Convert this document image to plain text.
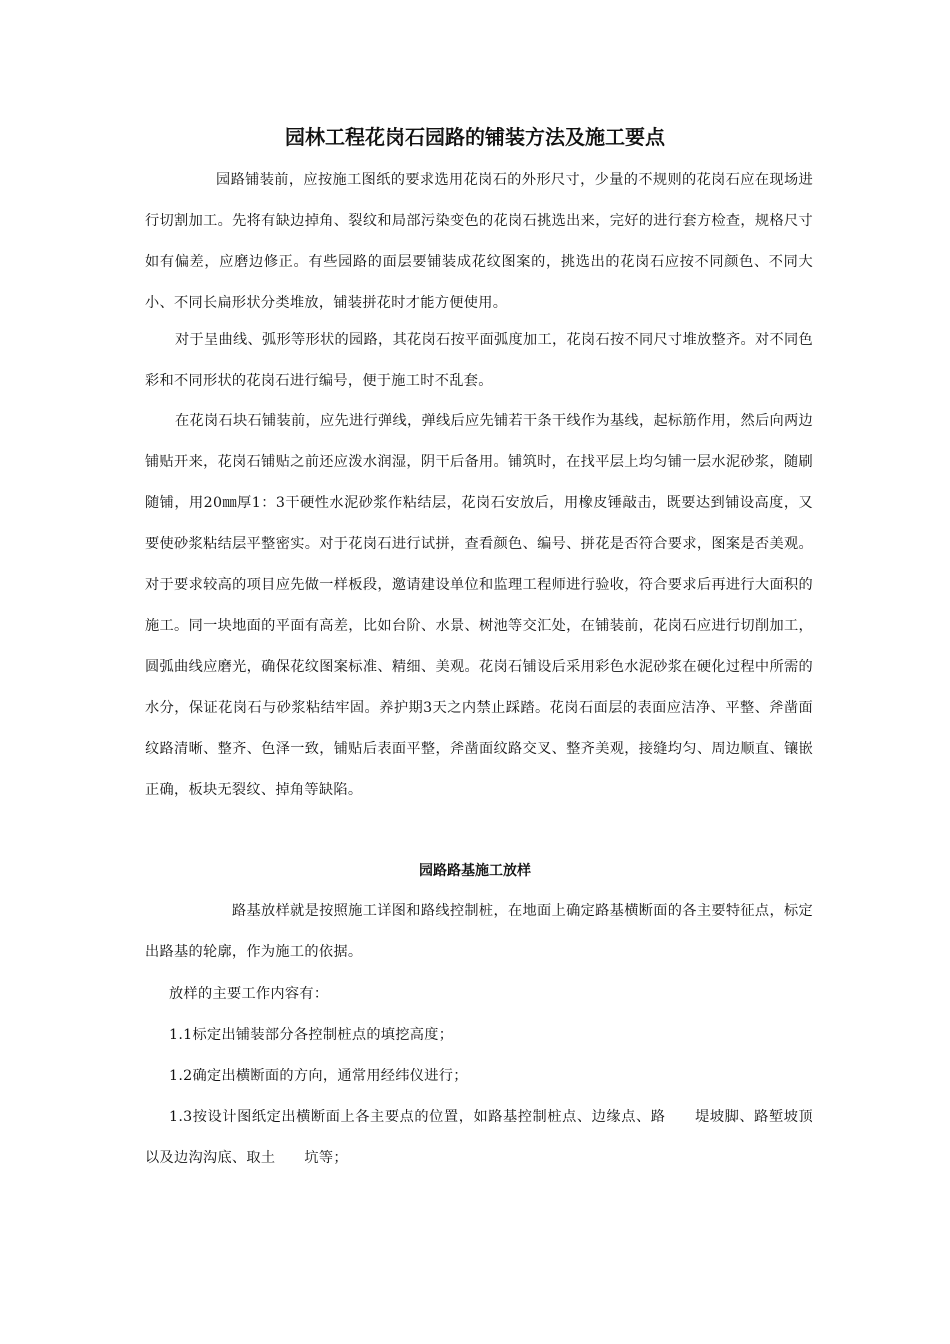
园林工程花岗石园路的铺装方法及施工要点

园路铺装前，应按施工图纸的要求选用花岗石的外形尺寸，少量的不规则的花岗石应在现场进行切割加工。先将有缺边掉角、裂纹和局部污染变色的花岗石挑选出来，完好的进行套方检查，规格尺寸如有偏差，应磨边修正。有些园路的面层要铺装成花纹图案的，挑选出的花岗石应按不同颜色、不同大小、不同长扁形状分类堆放，铺装拼花时才能方便使用。

对于呈曲线、弧形等形状的园路，其花岗石按平面弧度加工，花岗石按不同尺寸堆放整齐。对不同色彩和不同形状的花岗石进行编号，便于施工时不乱套。

在花岗石块石铺装前，应先进行弹线，弹线后应先铺若干条干线作为基线，起标筋作用，然后向两边铺贴开来，花岗石铺贴之前还应泼水润湿，阴干后备用。铺筑时，在找平层上均匀铺一层水泥砂浆，随刷随铺，用20㎜厚1：3干硬性水泥砂浆作粘结层，花岗石安放后，用橡皮锤敲击，既要达到铺设高度，又要使砂浆粘结层平整密实。对于花岗石进行试拼，查看颜色、编号、拼花是否符合要求，图案是否美观。对于要求较高的项目应先做一样板段，邀请建设单位和监理工程师进行验收，符合要求后再进行大面积的施工。同一块地面的平面有高差，比如台阶、水景、树池等交汇处，在铺装前，花岗石应进行切削加工，圆弧曲线应磨光，确保花纹图案标准、精细、美观。花岗石铺设后采用彩色水泥砂浆在硬化过程中所需的水分，保证花岗石与砂浆粘结牢固。养护期3天之内禁止踩踏。花岗石面层的表面应洁净、平整、斧凿面纹路清晰、整齐、色泽一致，铺贴后表面平整，斧凿面纹路交叉、整齐美观，接缝均匀、周边顺直、镶嵌正确，板块无裂纹、掉角等缺陷。

园路路基施工放样

路基放样就是按照施工详图和路线控制桩，在地面上确定路基横断面的各主要特征点，标定出路基的轮廓，作为施工的依据。

放样的主要工作内容有：

1.1标定出铺装部分各控制桩点的填挖高度；

1.2确定出横断面的方向，通常用经纬仪进行；

1.3按设计图纸定出横断面上各主要点的位置，如路基控制桩点、边缘点、路　　堤坡脚、路堑坡顶以及边沟沟底、取土　　坑等；
